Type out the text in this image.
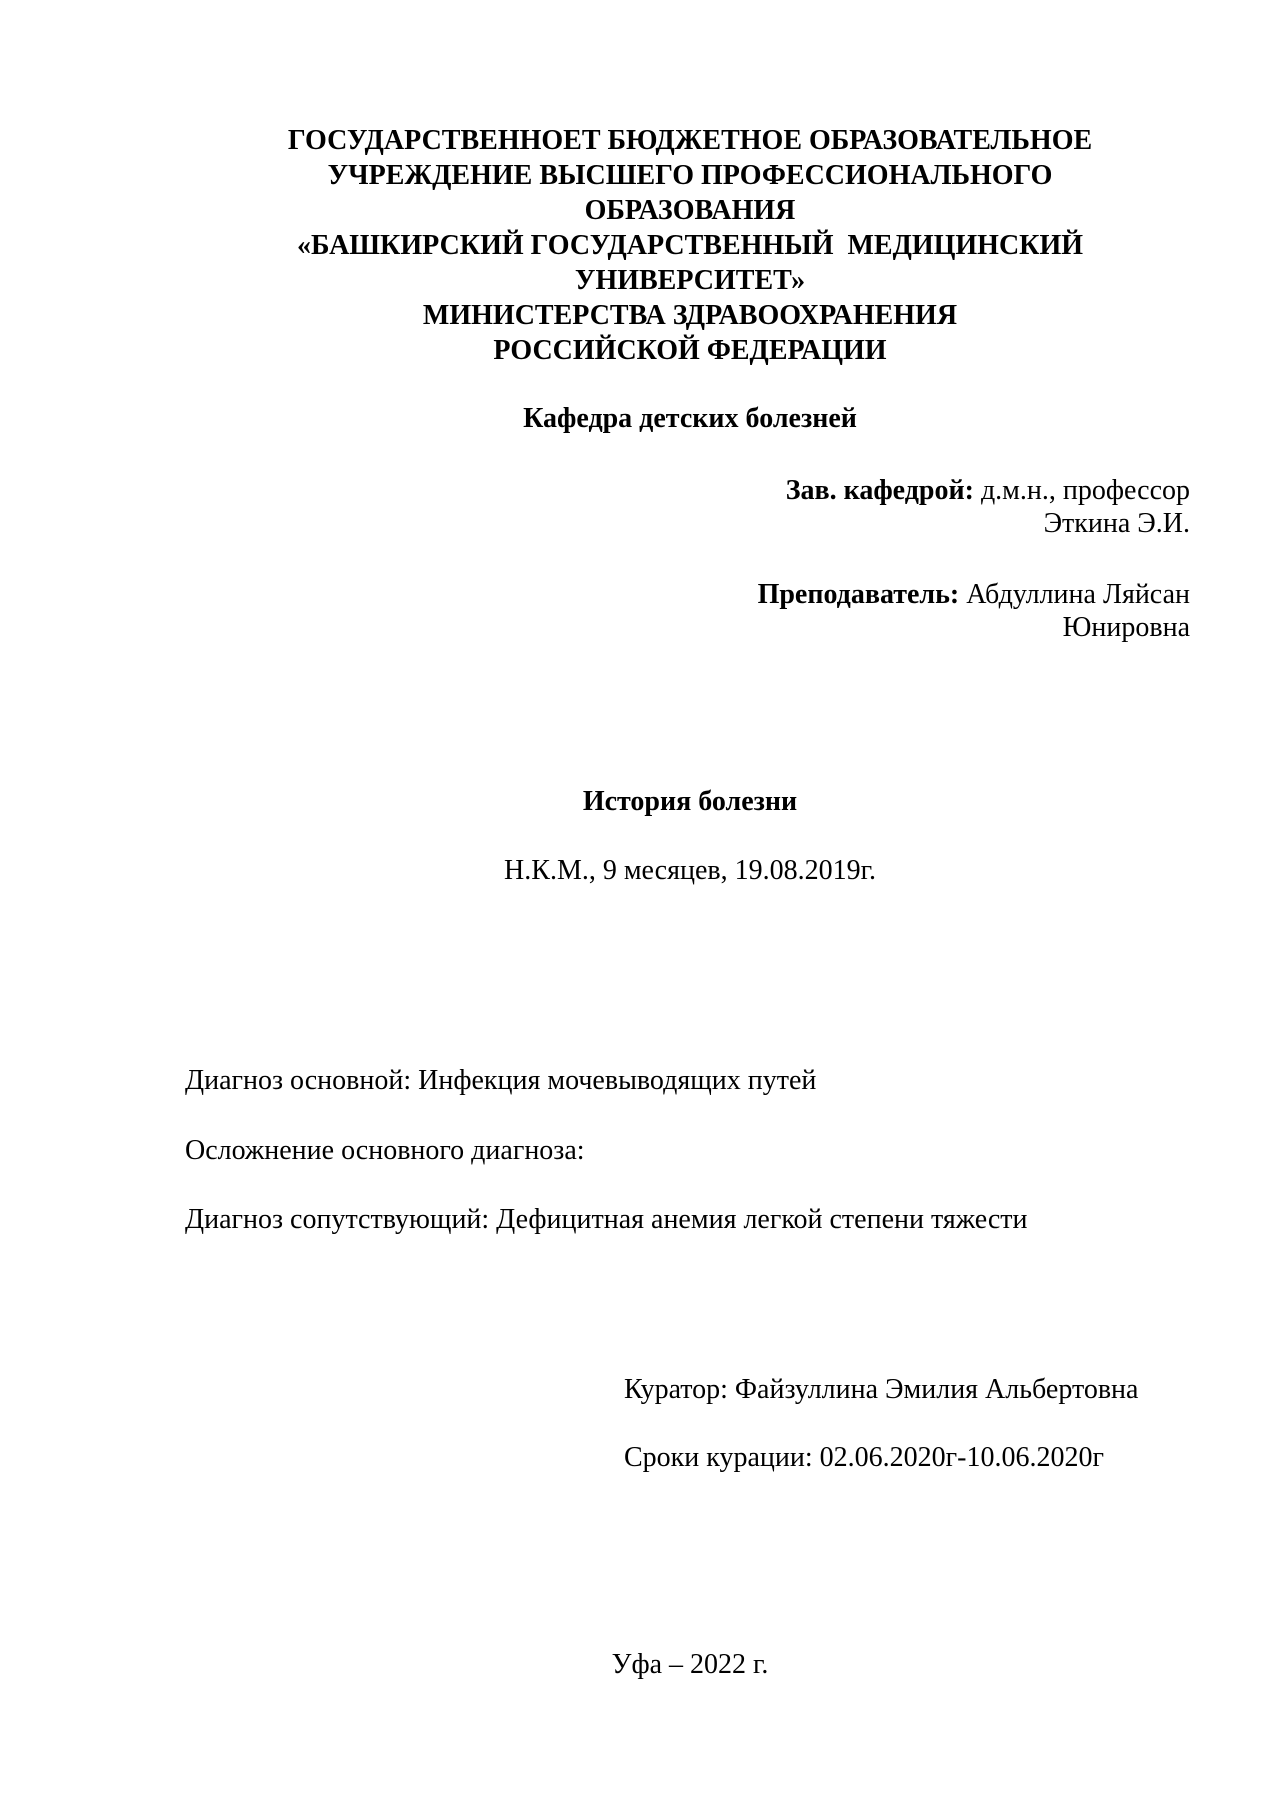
ГОСУДАРСТВЕННОЕТ БЮДЖЕТНОЕ ОБРАЗОВАТЕЛЬНОЕ

УЧРЕЖДЕНИЕ ВЫСШЕГО ПРОФЕССИОНАЛЬНОГО

ОБРАЗОВАНИЯ

«БАШКИРСКИЙ ГОСУДАРСТВЕННЫЙ  МЕДИЦИНСКИЙ

УНИВЕРСИТЕТ»

МИНИСТЕРСТВА ЗДРАВООХРАНЕНИЯ

РОССИЙСКОЙ ФЕДЕРАЦИИ

Кафедра детских болезней

Зав. кафедрой: д.м.н., профессор

Эткина Э.И.

Преподаватель: Абдуллина Ляйсан

Юнировна

История болезни

Н.К.М., 9 месяцев, 19.08.2019г.

Диагноз основной: Инфекция мочевыводящих путей

Осложнение основного диагноза:

Диагноз сопутствующий: Дефицитная анемия легкой степени тяжести

Куратор: Файзуллина Эмилия Альбертовна

Сроки курации: 02.06.2020г-10.06.2020г

Уфа – 2022 г.
